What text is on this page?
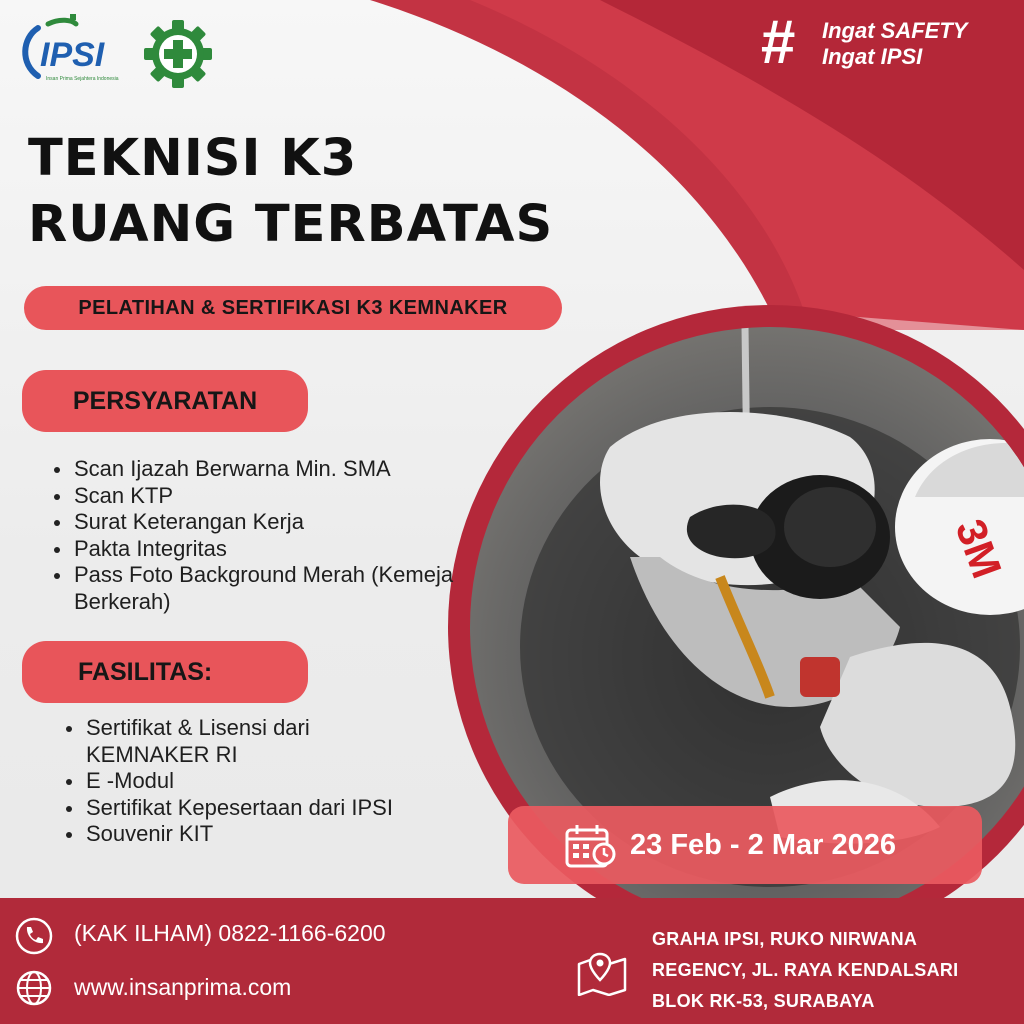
IPSI
Insan Prima Sejahtera Indonesia
# Ingat SAFETY
Ingat IPSI
TEKNISI K3
RUANG TERBATAS
PELATIHAN & SERTIFIKASI K3 KEMNAKER
PERSYARATAN
Scan Ijazah Berwarna Min. SMA
Scan KTP
Surat Keterangan Kerja
Pakta Integritas
Pass Foto Background Merah (Kemeja Berkerah)
FASILITAS:
Sertifikat & Lisensi dari KEMNAKER RI
E -Modul
Sertifikat Kepesertaan dari IPSI
Souvenir KIT
3M
23 Feb - 2 Mar 2026
(KAK ILHAM) 0822-1166-6200
www.insanprima.com
GRAHA IPSI, RUKO NIRWANA
REGENCY, JL. RAYA KENDALSARI
BLOK RK-53, SURABAYA
